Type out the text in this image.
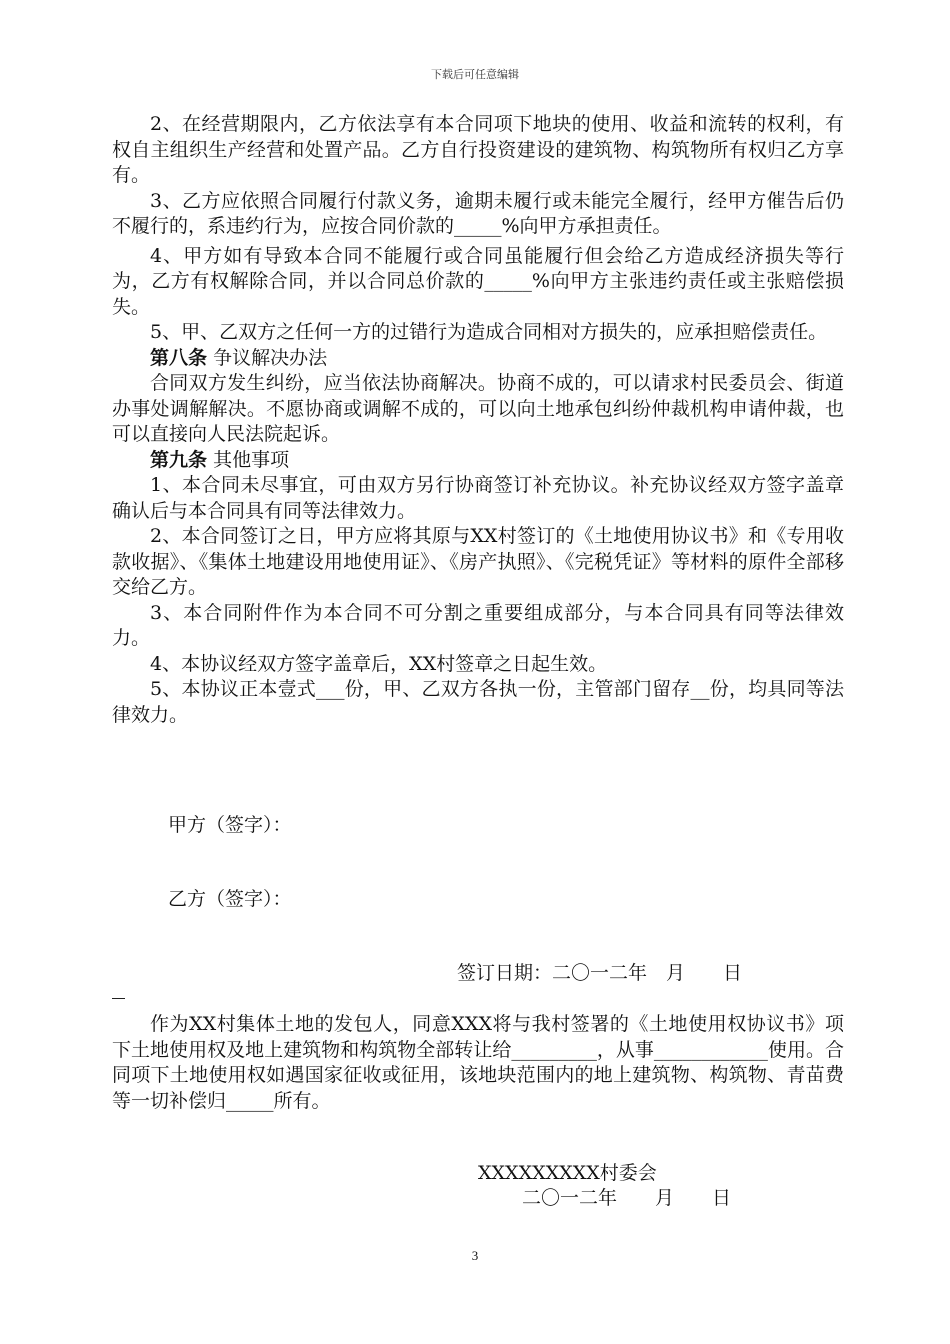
下载后可任意编辑

2、在经营期限内，乙方依法享有本合同项下地块的使用、收益和流转的权利，有权自主组织生产经营和处置产品。乙方自行投资建设的建筑物、构筑物所有权归乙方享有。

3、乙方应依照合同履行付款义务，逾期未履行或未能完全履行，经甲方催告后仍不履行的，系违约行为，应按合同价款的_____%向甲方承担责任。

4、甲方如有导致本合同不能履行或合同虽能履行但会给乙方造成经济损失等行为，乙方有权解除合同，并以合同总价款的_____%向甲方主张违约责任或主张赔偿损失。

5、甲、乙双方之任何一方的过错行为造成合同相对方损失的，应承担赔偿责任。

第八条 争议解决办法

合同双方发生纠纷，应当依法协商解决。协商不成的，可以请求村民委员会、街道办事处调解解决。不愿协商或调解不成的，可以向土地承包纠纷仲裁机构申请仲裁，也可以直接向人民法院起诉。

第九条 其他事项

1、本合同未尽事宜，可由双方另行协商签订补充协议。补充协议经双方签字盖章确认后与本合同具有同等法律效力。

2、本合同签订之日，甲方应将其原与XX村签订的《土地使用协议书》和《专用收款收据》、《集体土地建设用地使用证》、《房产执照》、《完税凭证》等材料的原件全部移交给乙方。

3、本合同附件作为本合同不可分割之重要组成部分，与本合同具有同等法律效力。

4、本协议经双方签字盖章后，XX村签章之日起生效。

5、本协议正本壹式___份，甲、乙双方各执一份，主管部门留存__份，均具同等法律效力。

甲方（签字）：
乙方（签字）：
签订日期：二〇一二年　月　　日

作为XX村集体土地的发包人，同意XXX将与我村签署的《土地使用权协议书》项下土地使用权及地上建筑物和构筑物全部转让给_________，从事____________使用。合同项下土地使用权如遇国家征收或征用，该地块范围内的地上建筑物、构筑物、青苗费等一切补偿归_____所有。

XXXXXXXXX村委会
二〇一二年　　月　　日
3
